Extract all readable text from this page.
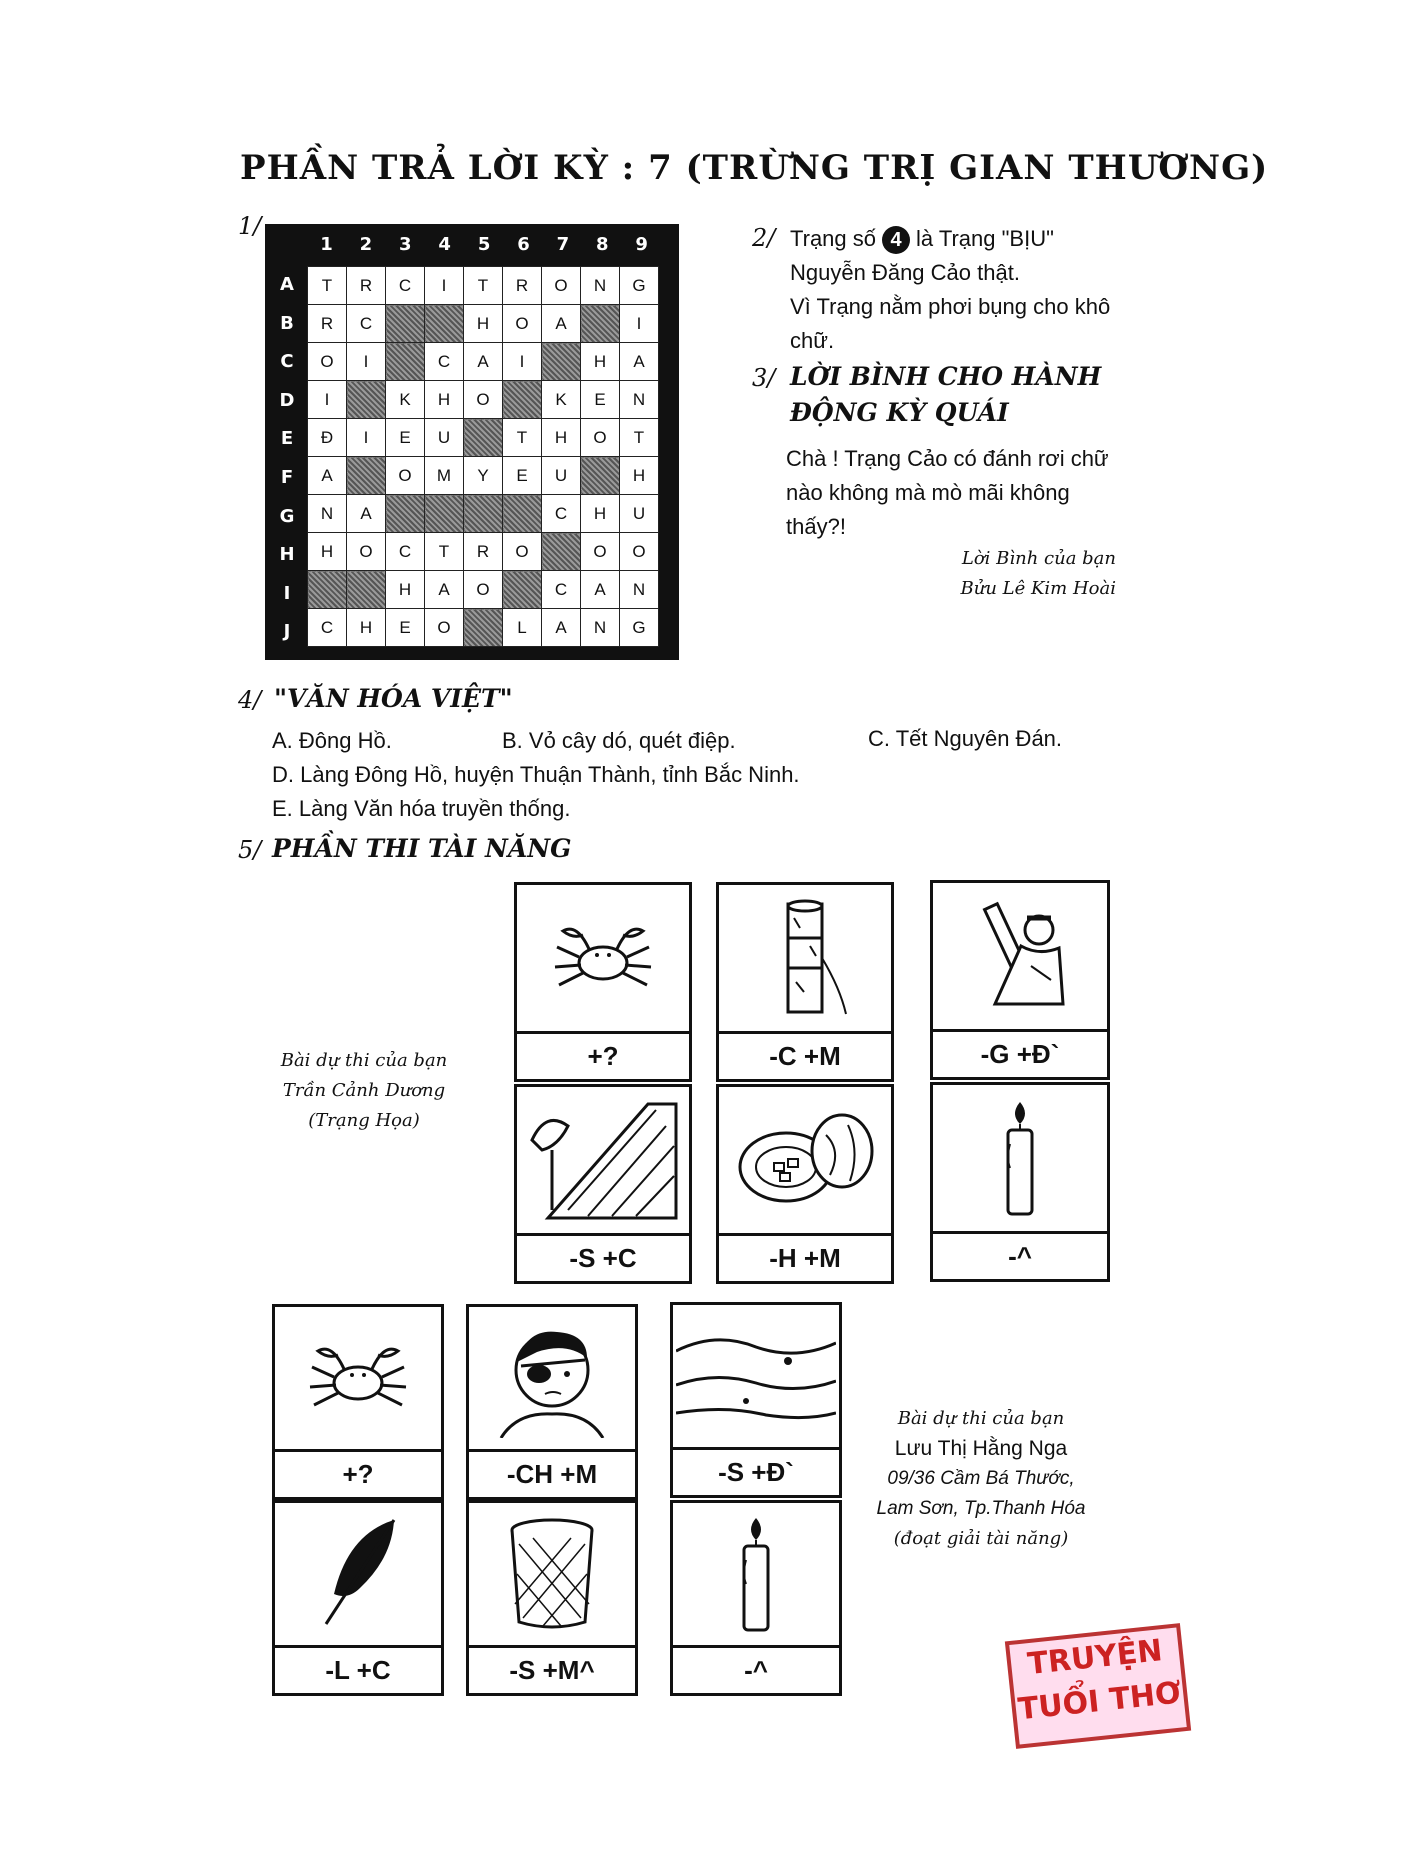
PHẦN TRẢ LỜI KỲ : 7 (TRỪNG TRỊ GIAN THƯƠNG)
1/
1	2	3	4	5	6	7	8	9
A
B
C
D
E
F
G
H
I
J
T	R	C	I	T	R	O	N	G
R	C			H	O	A		I
O	I		C	A	I		H	A
I		K	H	O		K	E	N
Đ	I	E	U		T	H	O	T
A		O	M	Y	E	U		H
N	A					C	H	U
H	O	C	T	R	O		O	O
		H	A	O		C	A	N
C	H	E	O		L	A	N	G
2/ Trạng số 4 là Trạng "BỊU"
Nguyễn Đăng Cảo thật.
Vì Trạng nằm phơi bụng cho khô chữ.
3/ LỜI BÌNH CHO HÀNH
ĐỘNG KỲ QUÁI
Chà ! Trạng Cảo có đánh rơi chữ nào không mà mò mãi không thấy?!
Lời Bình của bạn
Bửu Lê Kim Hoài
4/ "VĂN HÓA VIỆT"
A. Đông Hồ.	B. Vỏ cây dó, quét điệp.	C. Tết Nguyên Đán.
D. Làng Đông Hồ, huyện Thuận Thành, tỉnh Bắc Ninh.
E. Làng Văn hóa truyền thống.
5/ PHẦN THI TÀI NĂNG
Bài dự thi của bạn
Trần Cảnh Dương
(Trạng Họa)
+?	-C +M	-G +Đ`
-S +C	-H +M	-^
+?	-CH +M	-S +Đ`
-L +C	-S +M^	-^
Bài dự thi của bạn
Lưu Thị Hằng Nga
09/36 Cầm Bá Thước,
Lam Sơn, Tp.Thanh Hóa
(đoạt giải tài năng)
TRUYỆN
TUỔI THƠ
